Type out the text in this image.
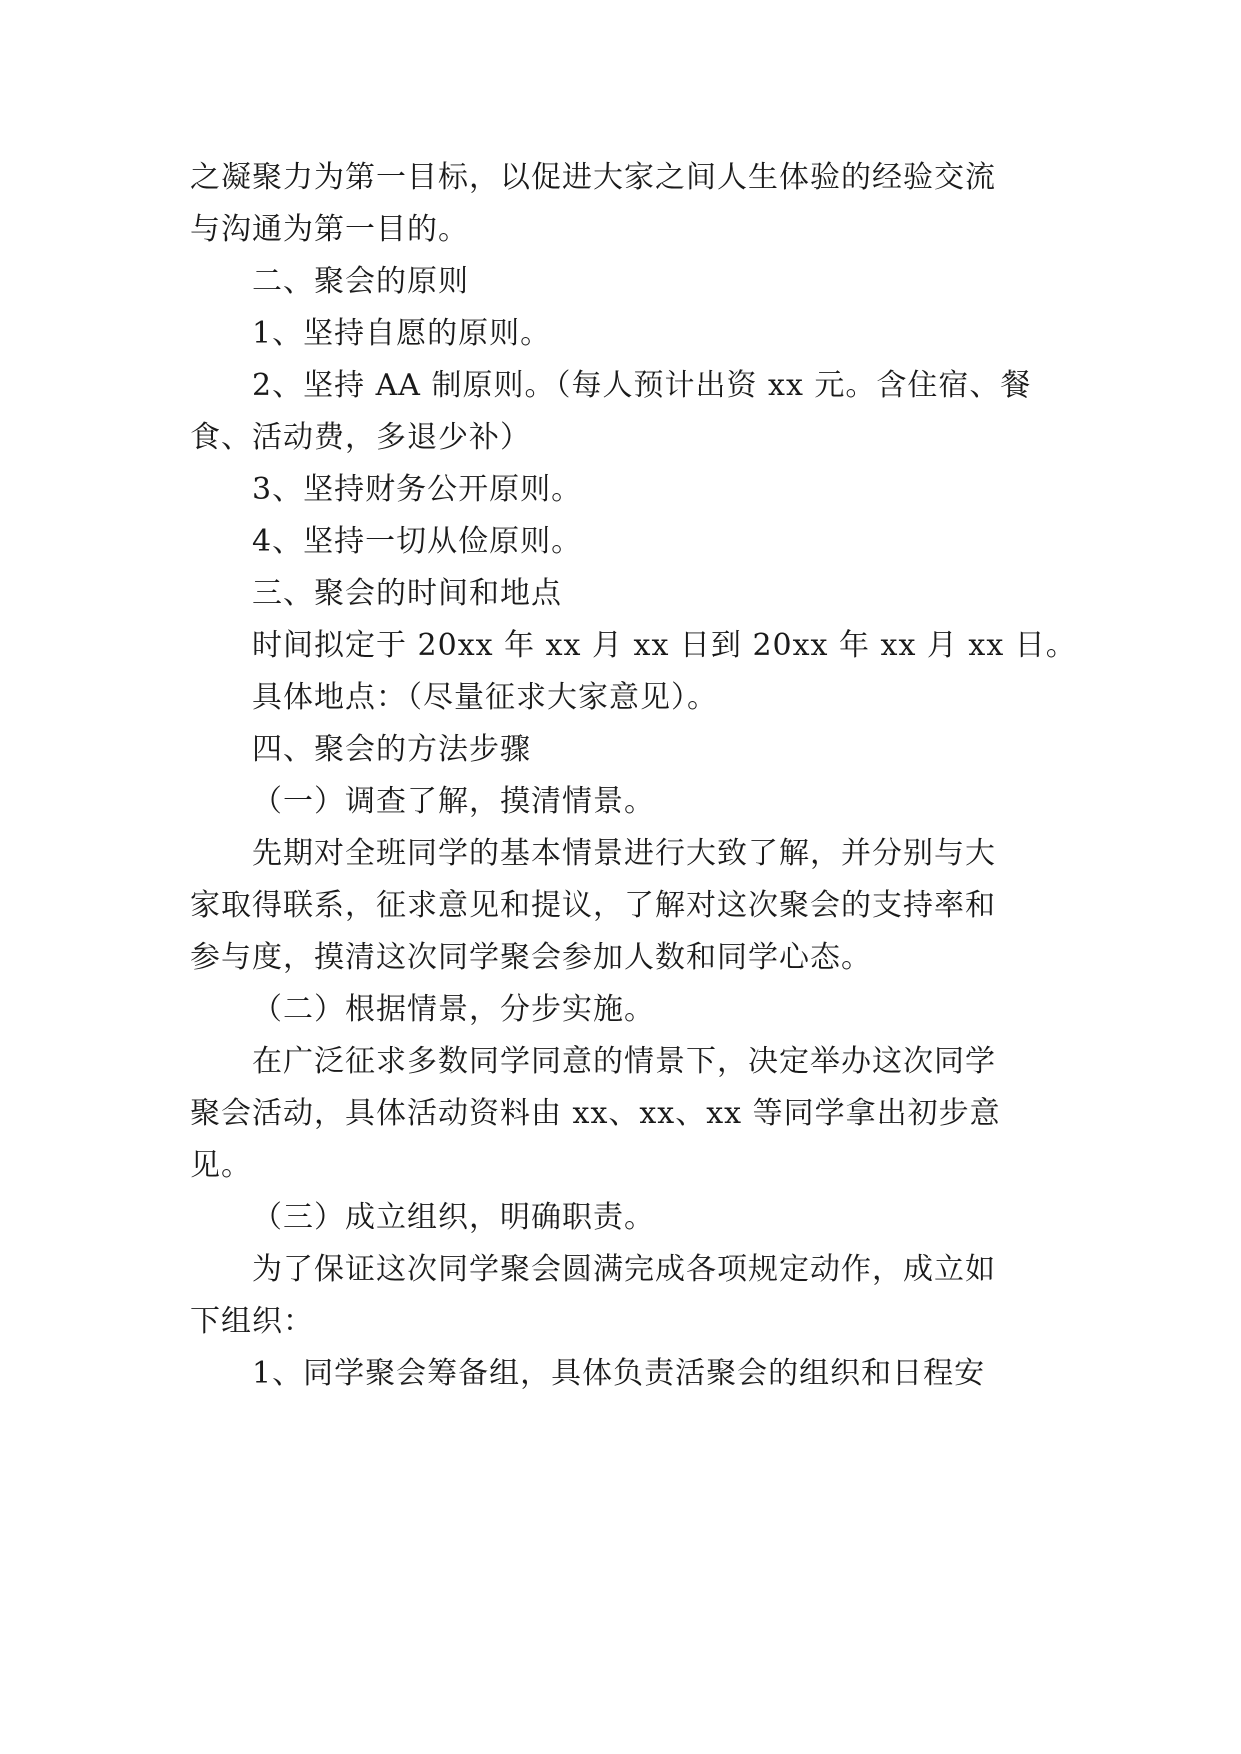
之凝聚力为第一目标，以促进大家之间人生体验的经验交流
与沟通为第一目的。
二、聚会的原则
1、坚持自愿的原则。
2、坚持 AA 制原则。（每人预计出资 xx 元。含住宿、餐
食、活动费，多退少补）
3、坚持财务公开原则。
4、坚持一切从俭原则。
三、聚会的时间和地点
时间拟定于 20xx 年 xx 月 xx 日到 20xx 年 xx 月 xx 日。
具体地点：（尽量征求大家意见）。
四、聚会的方法步骤
（一）调查了解，摸清情景。
先期对全班同学的基本情景进行大致了解，并分别与大
家取得联系，征求意见和提议，了解对这次聚会的支持率和
参与度，摸清这次同学聚会参加人数和同学心态。
（二）根据情景，分步实施。
在广泛征求多数同学同意的情景下，决定举办这次同学
聚会活动，具体活动资料由 xx、xx、xx 等同学拿出初步意
见。
（三）成立组织，明确职责。
为了保证这次同学聚会圆满完成各项规定动作，成立如
下组织：
1、同学聚会筹备组，具体负责活聚会的组织和日程安
